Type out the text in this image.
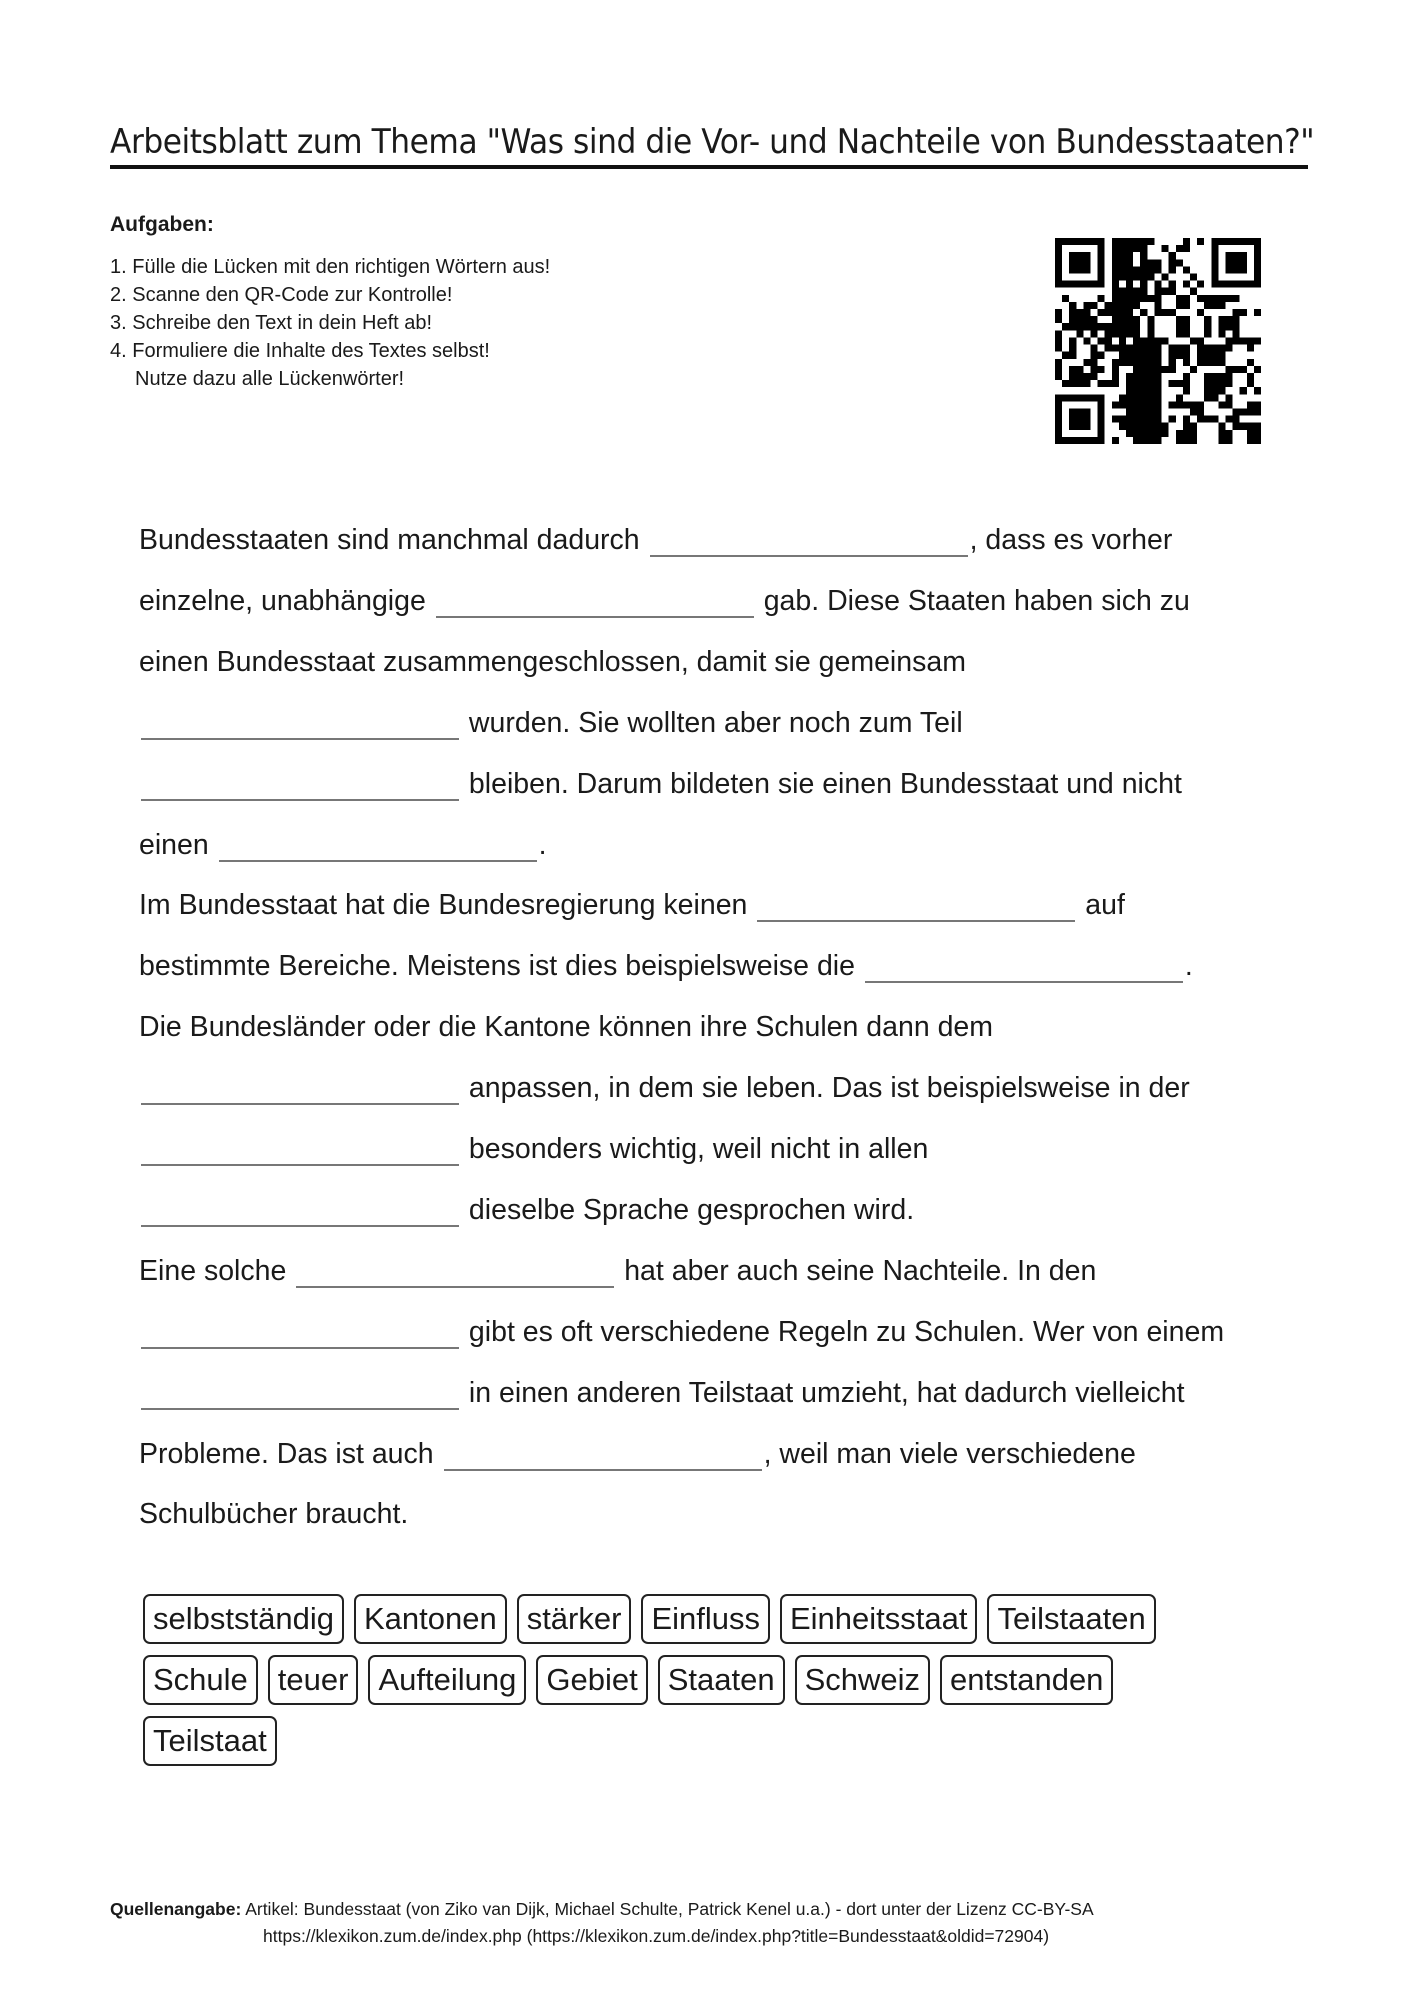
Arbeitsblatt zum Thema "Was sind die Vor- und Nachteile von Bundesstaaten?"
Aufgaben:
1. Fülle die Lücken mit den richtigen Wörtern aus!
2. Scanne den QR-Code zur Kontrolle!
3. Schreibe den Text in dein Heft ab!
4. Formuliere die Inhalte des Textes selbst!
Nutze dazu alle Lückenwörter!
Bundesstaaten sind manchmal dadurch	, dass es vorher
einzelne, unabhängige	gab. Diese Staaten haben sich zu
einen Bundesstaat zusammengeschlossen, damit sie gemeinsam
wurden. Sie wollten aber noch zum Teil
bleiben. Darum bildeten sie einen Bundesstaat und nicht
einen	.
Im Bundesstaat hat die Bundesregierung keinen	auf
bestimmte Bereiche. Meistens ist dies beispielsweise die	.
Die Bundesländer oder die Kantone können ihre Schulen dann dem
anpassen, in dem sie leben. Das ist beispielsweise in der
besonders wichtig, weil nicht in allen
dieselbe Sprache gesprochen wird.
Eine solche	hat aber auch seine Nachteile. In den
gibt es oft verschiedene Regeln zu Schulen. Wer von einem
in einen anderen Teilstaat umzieht, hat dadurch vielleicht
Probleme. Das ist auch	, weil man viele verschiedene
Schulbücher braucht.
selbstständig Kantonen stärker Einfluss Einheitsstaat Teilstaaten
Schule teuer Aufteilung Gebiet Staaten Schweiz entstanden
Teilstaat
Quellenangabe: Artikel: Bundesstaat (von Ziko van Dijk, Michael Schulte, Patrick Kenel u.a.) - dort unter der Lizenz CC-BY-SA
https://klexikon.zum.de/index.php (https://klexikon.zum.de/index.php?title=Bundesstaat&oldid=72904)
